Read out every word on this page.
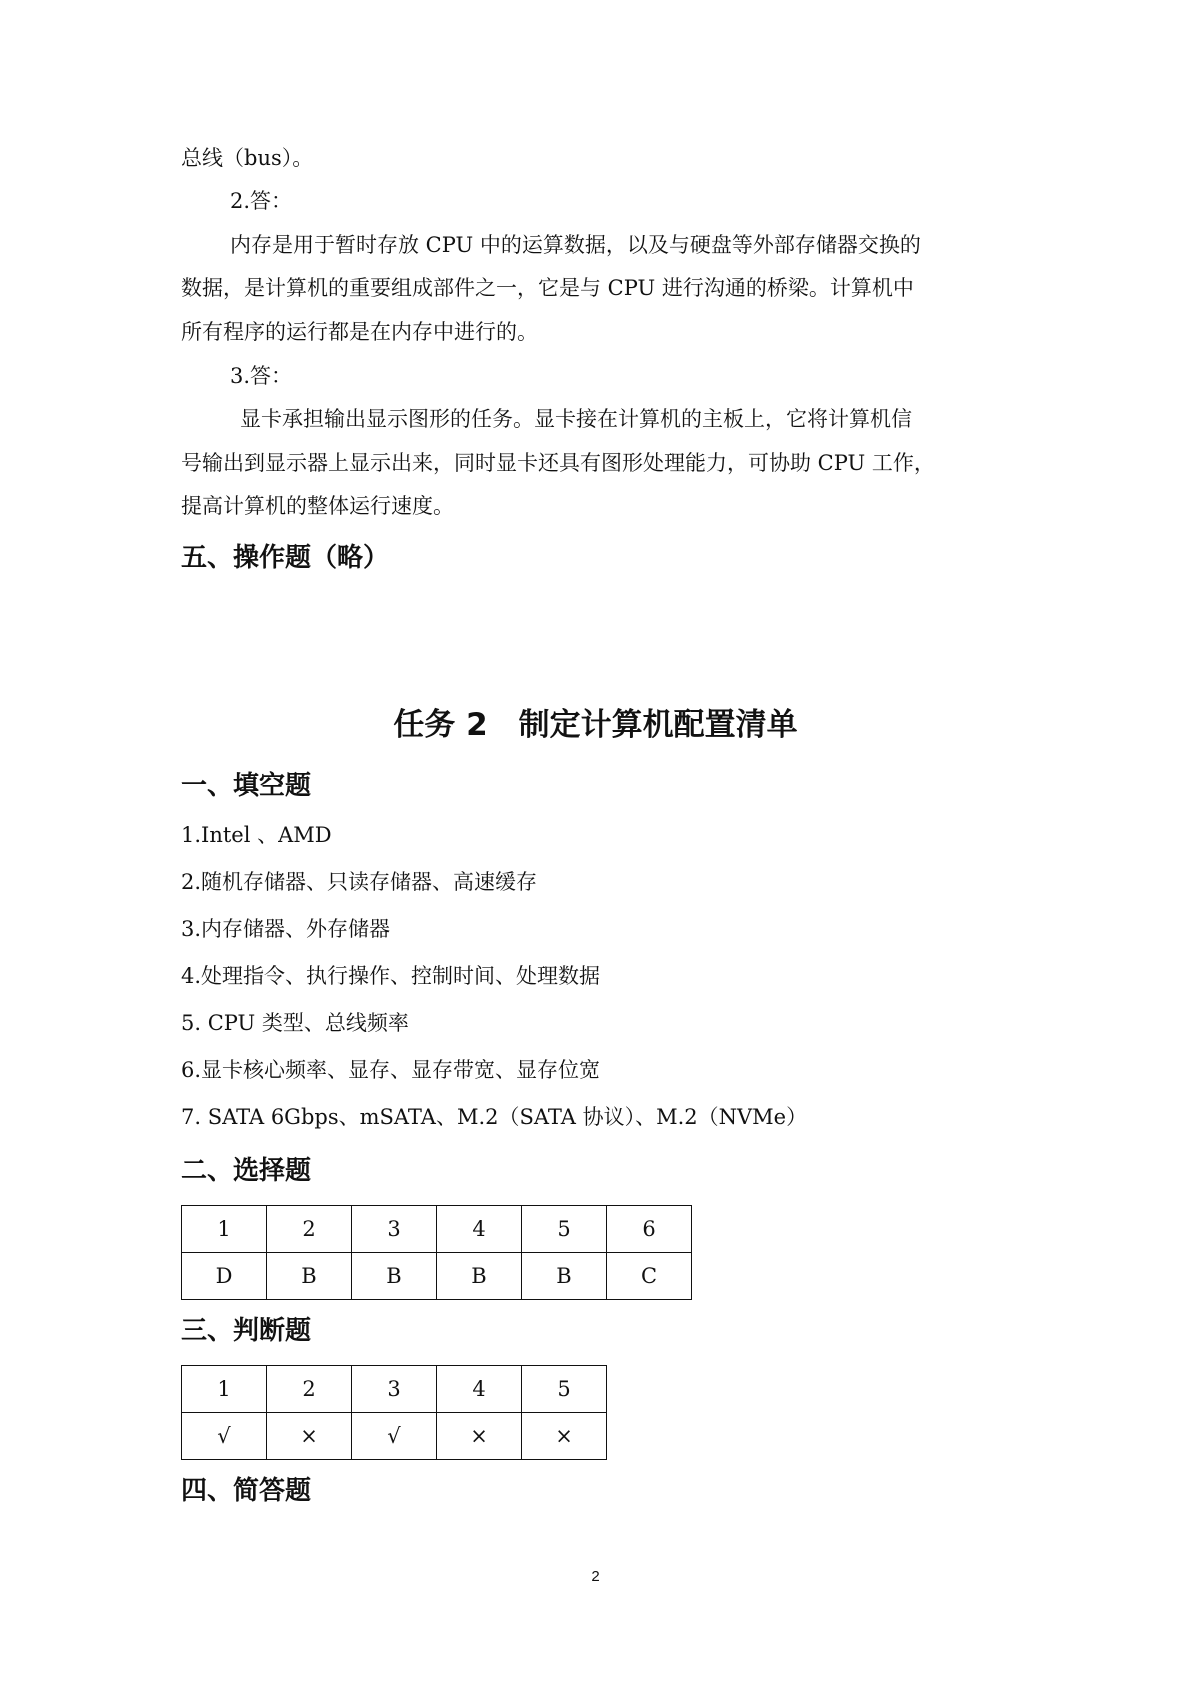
总线（bus）。
2.答：
内存是用于暂时存放 CPU 中的运算数据，以及与硬盘等外部存储器交换的
数据，是计算机的重要组成部件之一，它是与 CPU 进行沟通的桥梁。计算机中
所有程序的运行都是在内存中进行的。
3.答：
显卡承担输出显示图形的任务。显卡接在计算机的主板上，它将计算机信
号输出到显示器上显示出来，同时显卡还具有图形处理能力，可协助 CPU 工作，
提高计算机的整体运行速度。
五、操作题（略）
任务 2　制定计算机配置清单
一、填空题
1.Intel 、AMD
2.随机存储器、只读存储器、高速缓存
3.内存储器、外存储器
4.处理指令、执行操作、控制时间、处理数据
5. CPU 类型、总线频率
6.显卡核心频率、显存、显存带宽、显存位宽
7. SATA 6Gbps、mSATA、M.2（SATA 协议）、M.2（NVMe）
二、选择题
1	2	3	4	5	6
D	B	B	B	B	C
三、判断题
1	2	3	4	5
√	×	√	×	×
四、简答题
2
